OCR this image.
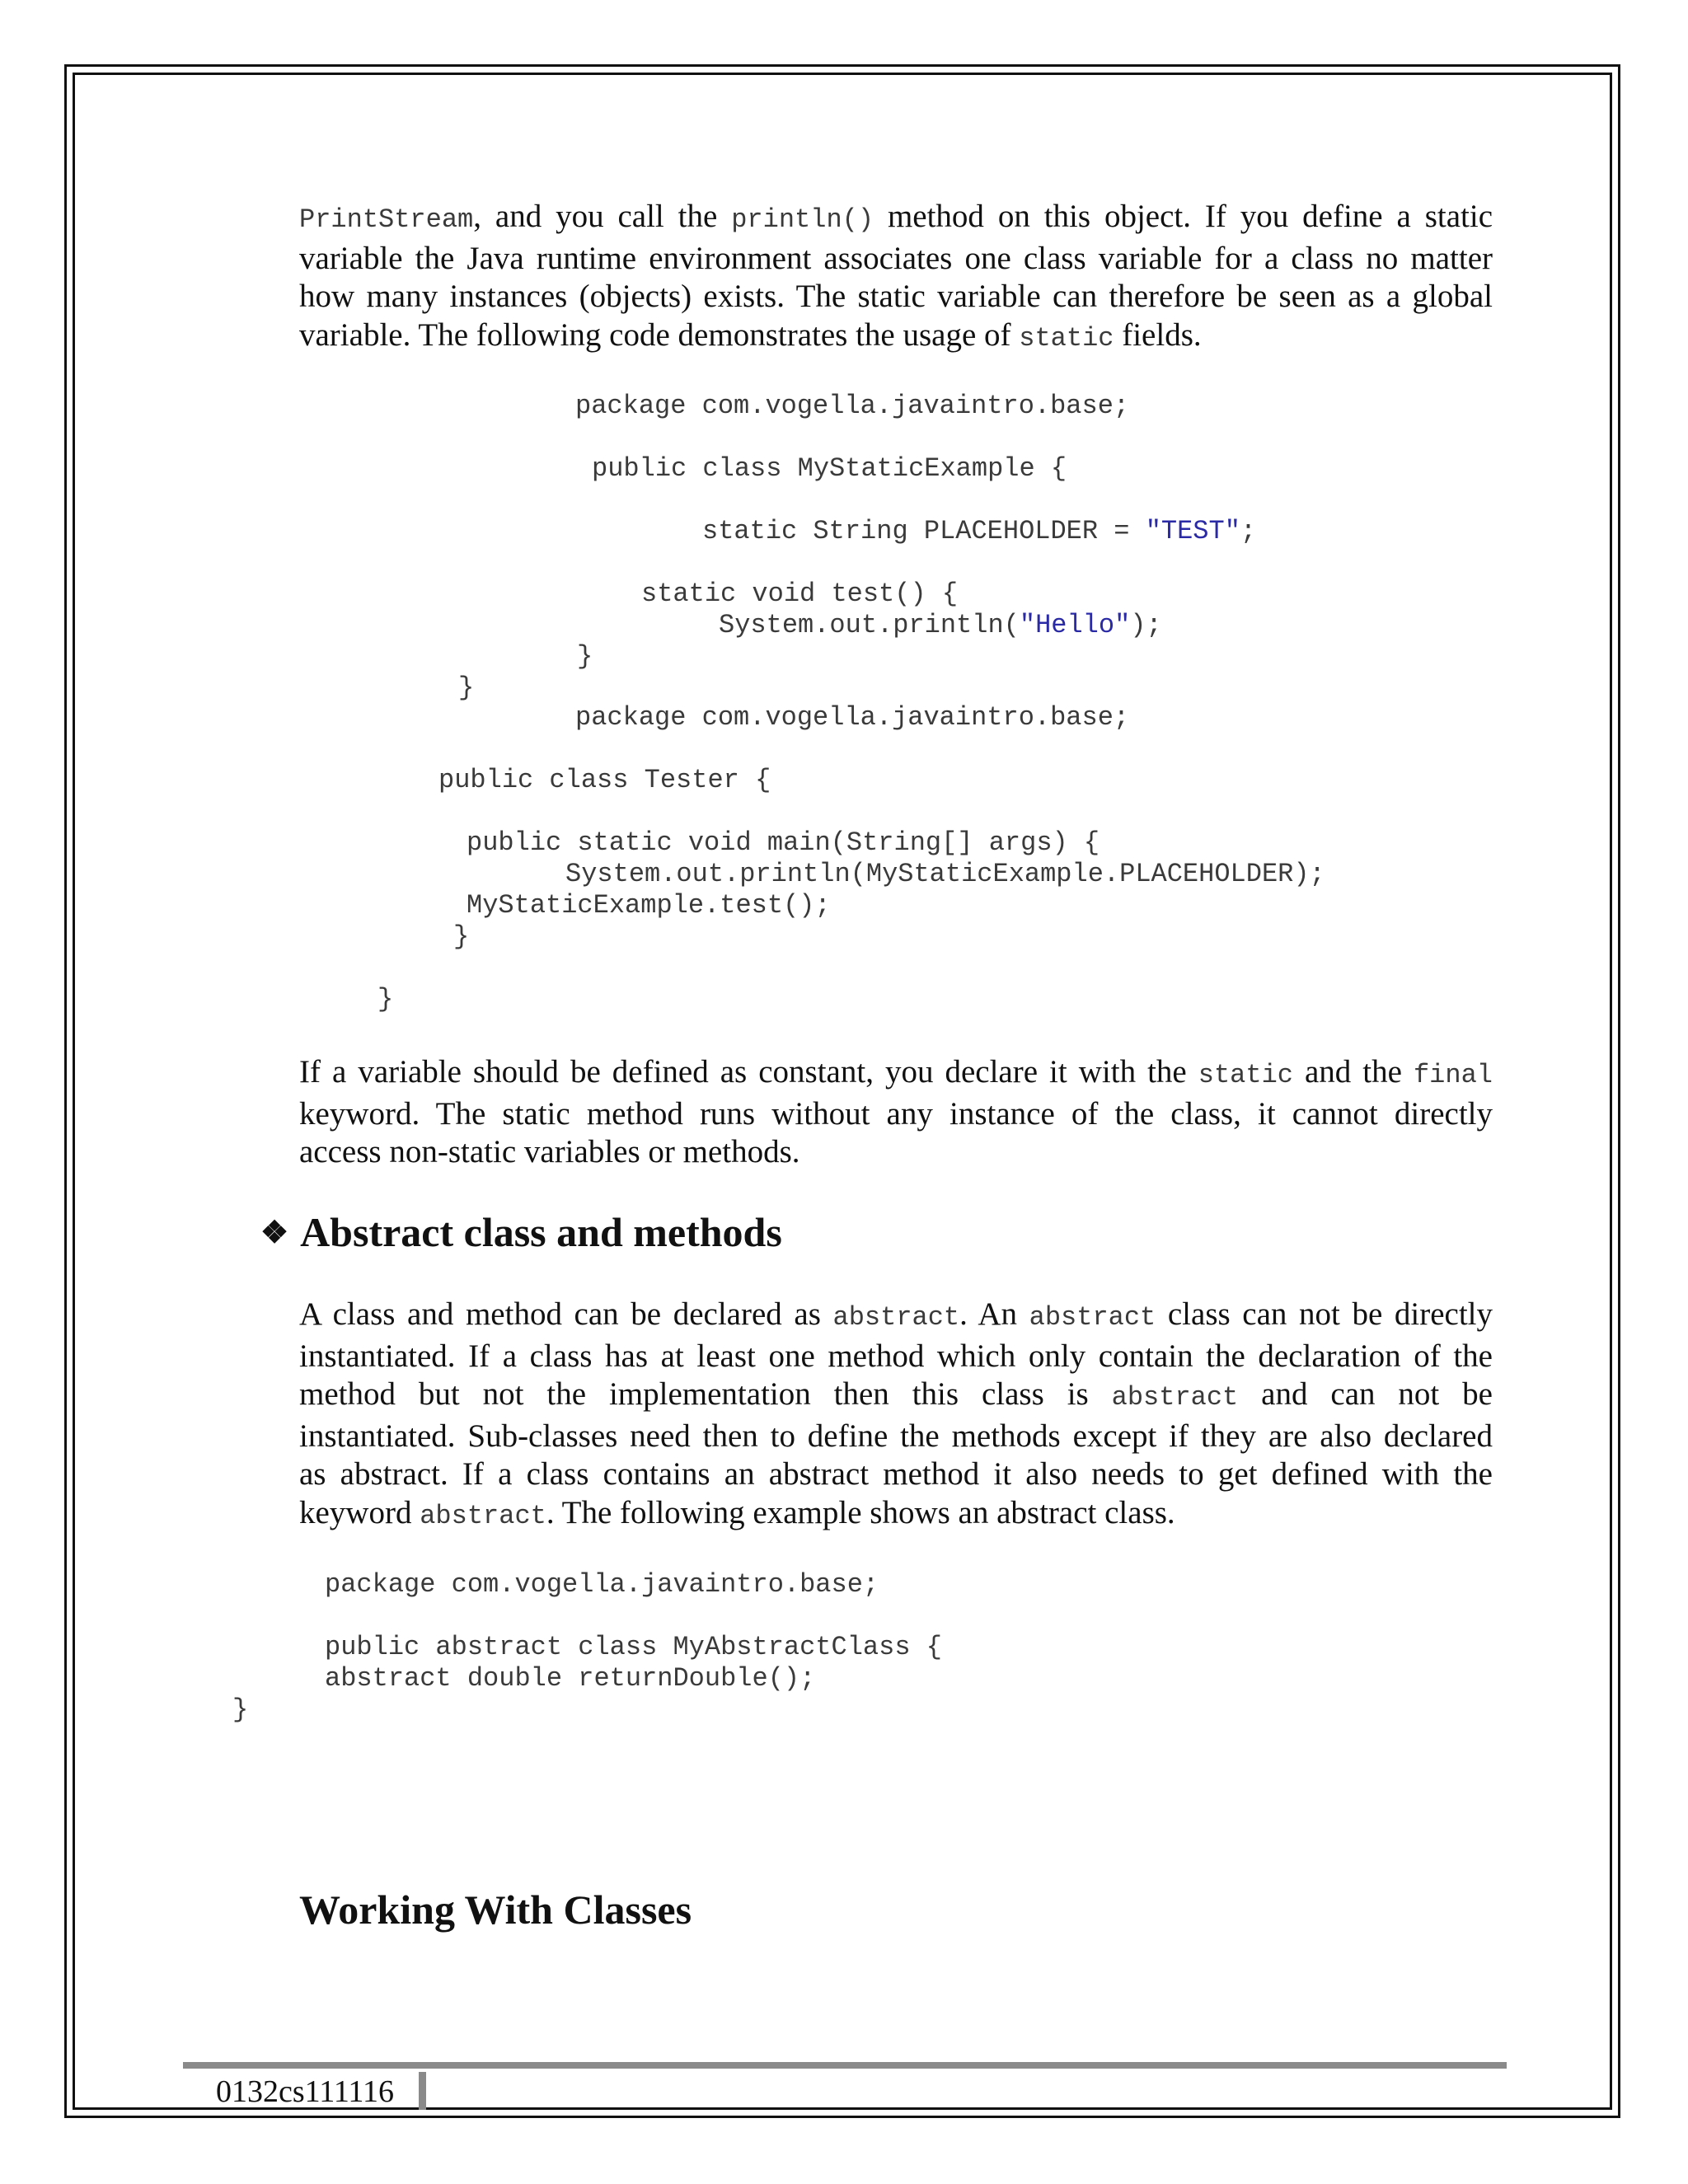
PrintStream, and you call the println() method on this object. If you define a static
variable the Java runtime environment associates one class variable for a class no matter
how many instances (objects) exists. The static variable can therefore be seen as a global
variable. The following code demonstrates the usage of static fields.
package com.vogella.javaintro.base;
public class MyStaticExample {
static String PLACEHOLDER = "TEST";
static void test() {
System.out.println("Hello");
}
}
package com.vogella.javaintro.base;
public class Tester {
public static void main(String[] args) {
System.out.println(MyStaticExample.PLACEHOLDER);
MyStaticExample.test();
}
}
If a variable should be defined as constant, you declare it with the static and the final
keyword. The static method runs without any instance of the class, it cannot directly
access non-static variables or methods.
❖ Abstract class and methods
A class and method can be declared as abstract. An abstract class can not be directly
instantiated. If a class has at least one method which only contain the declaration of the
method but not the implementation then this class is abstract and can not be
instantiated. Sub-classes need then to define the methods except if they are also declared
as abstract. If a class contains an abstract method it also needs to get defined with the
keyword abstract. The following example shows an abstract class.
package com.vogella.javaintro.base;
public abstract class MyAbstractClass {
abstract double returnDouble();
}
Working With Classes
0132cs111116
